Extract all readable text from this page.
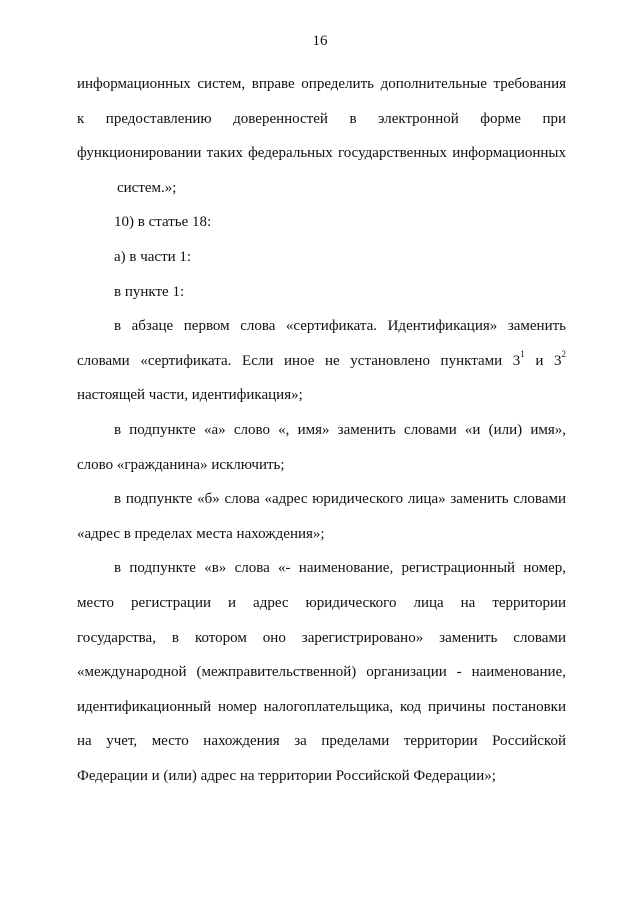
16
информационных систем, вправе определить дополнительные требования
к предоставлению доверенностей в электронной форме при
функционировании таких федеральных государственных информационных
систем.»;
10) в статье 18:
а) в части 1:
в пункте 1:
в абзаце первом слова «сертификата. Идентификация» заменить
словами «сертификата. Если иное не установлено пунктами $3^1$ и $3^2$
настоящей части, идентификация»;
в подпункте «а» слово «, имя» заменить словами «и (или) имя»,
слово «гражданина» исключить;
в подпункте «б» слова «адрес юридического лица» заменить словами
«адрес в пределах места нахождения»;
в подпункте «в» слова «- наименование, регистрационный номер,
место регистрации и адрес юридического лица на территории
государства, в котором оно зарегистрировано» заменить словами
«международной (межправительственной) организации - наименование,
идентификационный номер налогоплательщика, код причины постановки
на учет, место нахождения за пределами территории Российской
Федерации и (или) адрес на территории Российской Федерации»;
